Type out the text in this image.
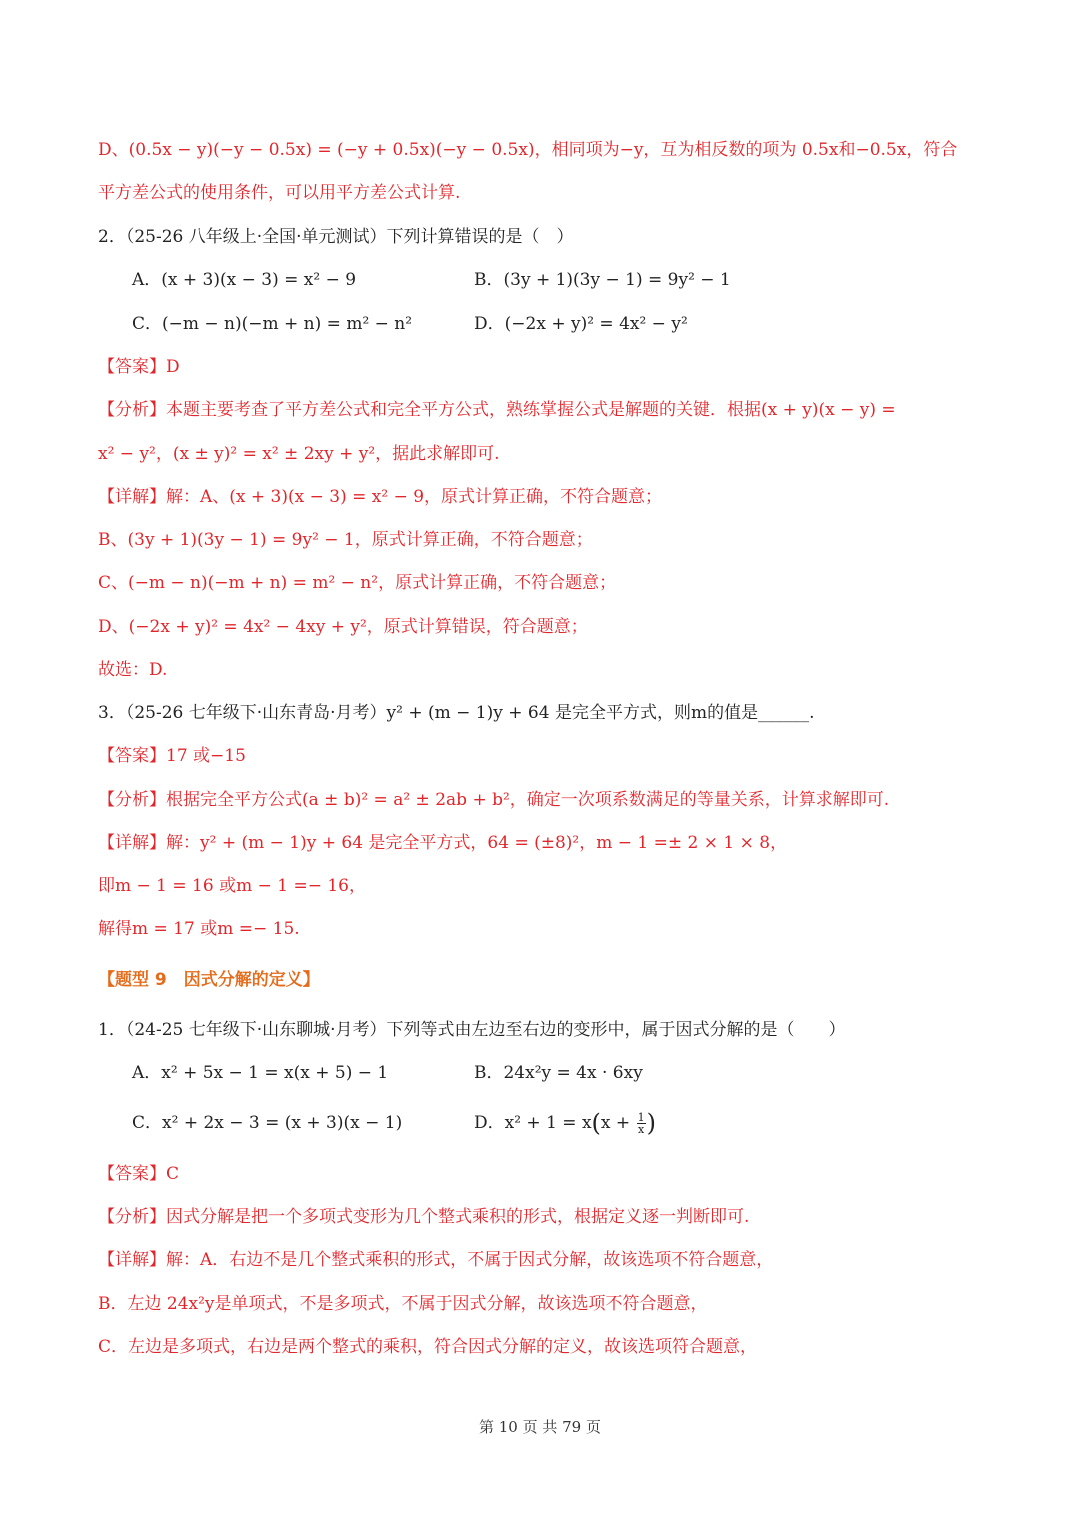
D、(0.5x − y)(−y − 0.5x) = (−y + 0.5x)(−y − 0.5x)，相同项为−y，互为相反数的项为 0.5x和−0.5x，符合
平方差公式的使用条件，可以用平方差公式计算.
2．（25-26 八年级上·全国·单元测试）下列计算错误的是（　）
【答案】D
【分析】本题主要考查了平方差公式和完全平方公式，熟练掌握公式是解题的关键．根据(x + y)(x − y) =
x² − y²，(x ± y)² = x² ± 2xy + y²，据此求解即可.
【详解】解：A、(x + 3)(x − 3) = x² − 9，原式计算正确，不符合题意；
B、(3y + 1)(3y − 1) = 9y² − 1，原式计算正确，不符合题意；
C、(−m − n)(−m + n) = m² − n²，原式计算正确，不符合题意；
D、(−2x + y)² = 4x² − 4xy + y²，原式计算错误，符合题意；
故选：D.
3．（25-26 七年级下·山东青岛·月考）y² + (m − 1)y + 64 是完全平方式，则m的值是______.
【答案】17 或−15
【分析】根据完全平方公式(a ± b)² = a² ± 2ab + b²，确定一次项系数满足的等量关系，计算求解即可.
【详解】解：y² + (m − 1)y + 64 是完全平方式，64 = (±8)²，m − 1 =± 2 × 1 × 8，
即m − 1 = 16 或m − 1 =− 16，
解得m = 17 或m =− 15.
1．（24-25 七年级下·山东聊城·月考）下列等式由左边至右边的变形中，属于因式分解的是（　　）
【答案】C
【分析】因式分解是把一个多项式变形为几个整式乘积的形式，根据定义逐一判断即可.
【详解】解：A．右边不是几个整式乘积的形式，不属于因式分解，故该选项不符合题意，
B．左边 24x²y是单项式，不是多项式，不属于因式分解，故该选项不符合题意，
C．左边是多项式，右边是两个整式的乘积，符合因式分解的定义，故该选项符合题意，
A．(x + 3)(x − 3) = x² − 9	B．(3y + 1)(3y − 1) = 9y² − 1
C．(−m − n)(−m + n) = m² − n²	D．(−2x + y)² = 4x² − y²
A．x² + 5x − 1 = x(x + 5) − 1	B．24x²y = 4x · 6xy
C．x² + 2x − 3 = (x + 3)(x − 1)
【题型 9　因式分解的定义】
D．$x^2 + 1 = x(x + \frac{1}{x}$ )
第 10 页 共 79 页
